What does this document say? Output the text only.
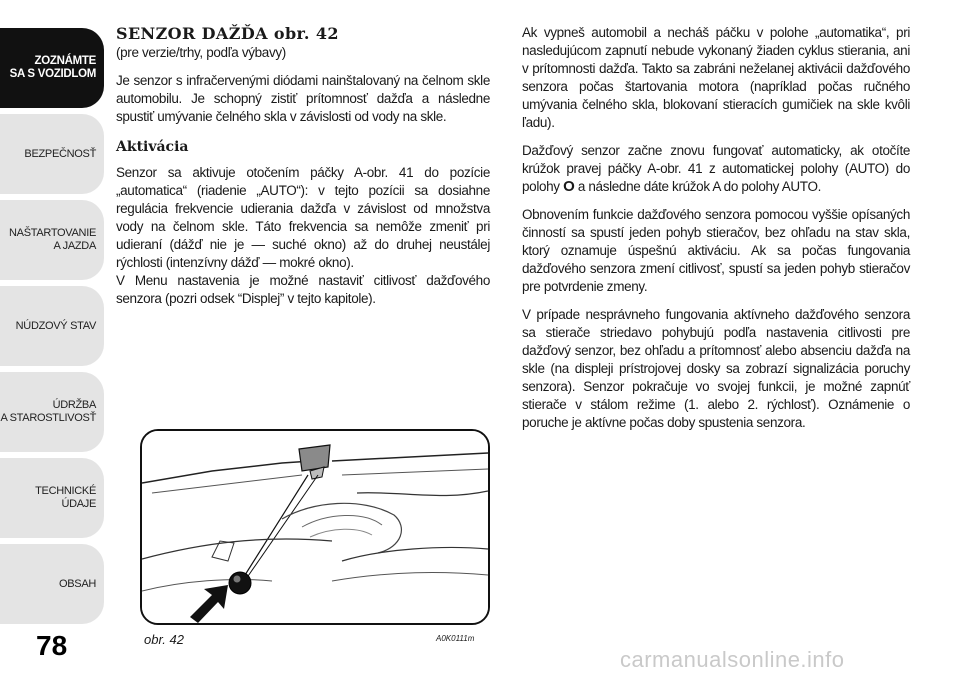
ZOZNÁMTE
SA S VOZIDLOM
BEZPEČNOSŤ
NAŠTARTOVANIE
A JAZDA
NÚDZOVÝ STAV
ÚDRŽBA
A STAROSTLIVOSŤ
TECHNICKÉ
ÚDAJE
OBSAH
78
SENZOR DAŽĎA obr. 42

(pre verzie/trhy, podľa výbavy)

Je senzor s infračervenými diódami nainštalovaný na čelnom skle automobilu. Je schopný zistiť prítomnosť dažďa a následne spustiť umývanie čelného skla v závislosti od vody na skle.

Aktivácia

Senzor sa aktivuje otočením páčky A-obr. 41 do pozície „automatica“ (riadenie „AUTO“): v tejto pozícii sa dosiahne regulácia frekvencie udierania dažďa v závislost od množstva vody na čelnom skle. Táto frekvencia sa nemôže zmeniť pri udieraní (dážď nie je — suché okno) až do druhej neustálej rýchlosti (intenzívny dážď — mokré okno).

V Menu nastavenia je možné nastaviť citlivosť dažďového senzora (pozri odsek “Displej” v tejto kapitole).

Ak vypneš automobil a necháš páčku v polohe „automatika“, pri nasledujúcom zapnutí nebude vykonaný žiaden cyklus stierania, ani v prítomnosti dažďa. Takto sa zabráni neželanej aktivácii dažďového senzora počas štartovania motora (napríklad počas ručného umývania čelného skla, blokovaní stieracích gumičiek na skle kvôli ľadu).

Dažďový senzor začne znovu fungovať automaticky, ak otočíte krúžok pravej páčky A-obr. 41 z automatickej polohy (AUTO) do polohy O a následne dáte krúžok A do polohy AUTO.

Obnovením funkcie dažďového senzora pomocou vyššie opísaných činností sa spustí jeden pohyb stieračov, bez ohľadu na stav skla, ktorý oznamuje úspešnú aktiváciu. Ak sa počas fungovania dažďového senzora zmení citlivosť, spustí sa jeden pohyb stieračov pre potvrdenie zmeny.

V prípade nesprávneho fungovania aktívneho dažďového senzora sa stierače striedavo pohybujú podľa nastavenia citlivosti pre dažďový senzor, bez ohľadu a prítomnosť alebo absenciu dažďa na skle (na displeji prístrojovej dosky sa zobrazí signalizácia poruchy senzora). Senzor pokračuje vo svojej funkcii, je možné zapnúť stierače v stálom režime (1. alebo 2. rýchlosť). Oznámenie o poruche je aktívne počas doby spustenia senzora.

obr. 42	A0K0111m
carmanualsonline.info
